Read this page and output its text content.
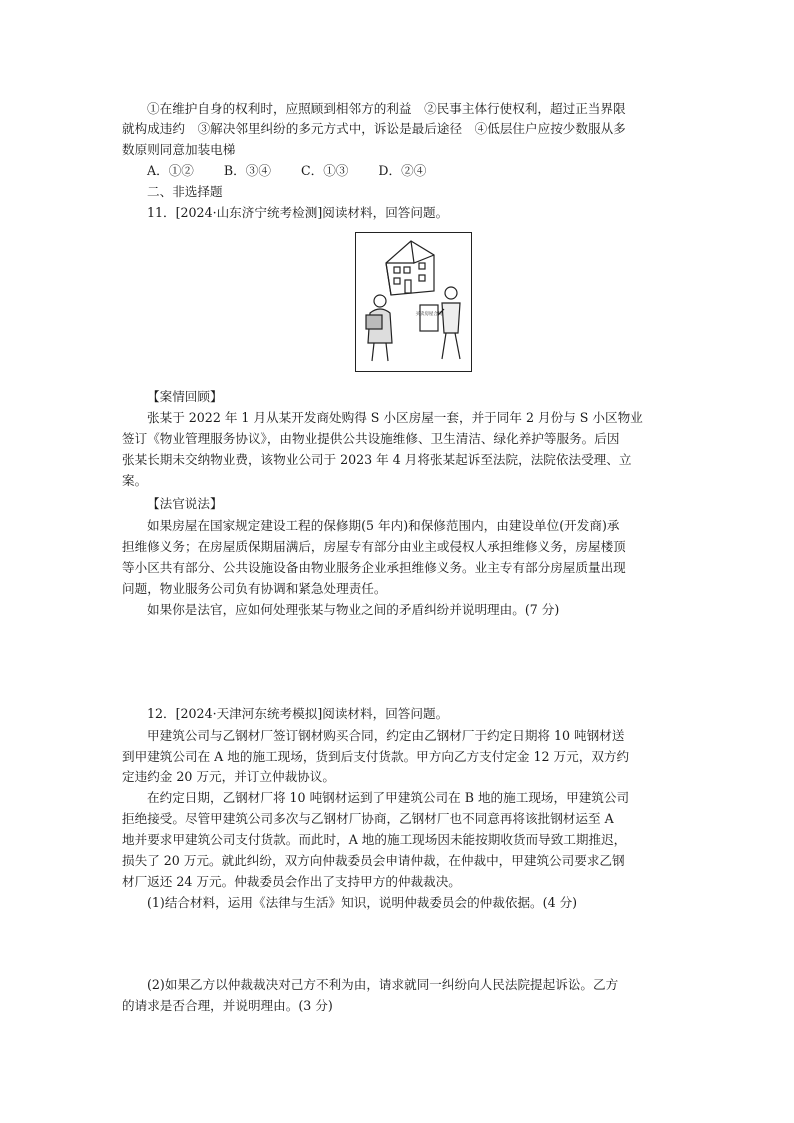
①在维护自身的权利时，应照顾到相邻方的利益　②民事主体行使权利，超过正当界限
就构成违约　③解决邻里纠纷的多元方式中，诉讼是最后途径　④低层住户应按少数服从多
数原则同意加装电梯
A．①② B．③④ C．①③ D．②④
二、非选择题
11．[2024·山东济宁统考检测]阅读材料，回答问题。
买卖房屋合同
【案情回顾】
张某于 2022 年 1 月从某开发商处购得 S 小区房屋一套，并于同年 2 月份与 S 小区物业
签订《物业管理服务协议》，由物业提供公共设施维修、卫生清洁、绿化养护等服务。后因
张某长期未交纳物业费，该物业公司于 2023 年 4 月将张某起诉至法院，法院依法受理、立
案。
【法官说法】
如果房屋在国家规定建设工程的保修期(5 年内)和保修范围内，由建设单位(开发商)承
担维修义务；在房屋质保期届满后，房屋专有部分由业主或侵权人承担维修义务，房屋楼顶
等小区共有部分、公共设施设备由物业服务企业承担维修义务。业主专有部分房屋质量出现
问题，物业服务公司负有协调和紧急处理责任。
如果你是法官，应如何处理张某与物业之间的矛盾纠纷并说明理由。(7 分)
12．[2024·天津河东统考模拟]阅读材料，回答问题。
甲建筑公司与乙钢材厂签订钢材购买合同，约定由乙钢材厂于约定日期将 10 吨钢材送
到甲建筑公司在 A 地的施工现场，货到后支付货款。甲方向乙方支付定金 12 万元，双方约
定违约金 20 万元，并订立仲裁协议。
在约定日期，乙钢材厂将 10 吨钢材运到了甲建筑公司在 B 地的施工现场，甲建筑公司
拒绝接受。尽管甲建筑公司多次与乙钢材厂协商，乙钢材厂也不同意再将该批钢材运至 A
地并要求甲建筑公司支付货款。而此时，A 地的施工现场因未能按期收货而导致工期推迟，
损失了 20 万元。就此纠纷，双方向仲裁委员会申请仲裁，在仲裁中，甲建筑公司要求乙钢
材厂返还 24 万元。仲裁委员会作出了支持甲方的仲裁裁决。
(1)结合材料，运用《法律与生活》知识，说明仲裁委员会的仲裁依据。(4 分)
(2)如果乙方以仲裁裁决对己方不利为由，请求就同一纠纷向人民法院提起诉讼。乙方
的请求是否合理，并说明理由。(3 分)
